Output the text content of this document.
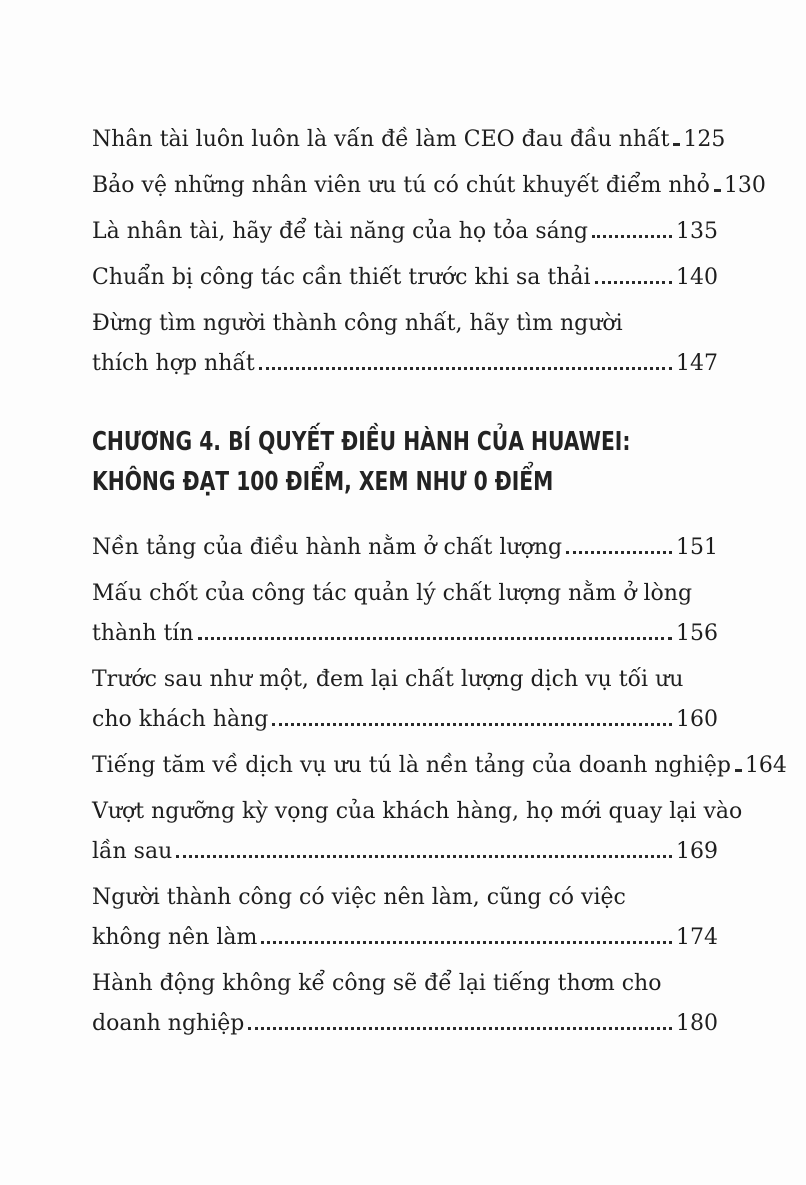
Nhân tài luôn luôn là vấn đề làm CEO đau đầu nhất 125
Bảo vệ những nhân viên ưu tú có chút khuyết điểm nhỏ 130
Là nhân tài, hãy để tài năng của họ tỏa sáng	135
Chuẩn bị công tác cần thiết trước khi sa thải	140
Đừng tìm người thành công nhất, hãy tìm người
thích hợp nhất	147
CHƯƠNG 4. BÍ QUYẾT ĐIỀU HÀNH CỦA HUAWEI:
KHÔNG ĐẠT 100 ĐIỂM, XEM NHƯ 0 ĐIỂM
Nền tảng của điều hành nằm ở chất lượng	151
Mấu chốt của công tác quản lý chất lượng nằm ở lòng
thành tín	156
Trước sau như một, đem lại chất lượng dịch vụ tối ưu
cho khách hàng	160
Tiếng tăm về dịch vụ ưu tú là nền tảng của doanh nghiệp 164
Vượt ngưỡng kỳ vọng của khách hàng, họ mới quay lại vào
lần sau	169
Người thành công có việc nên làm, cũng có việc
không nên làm	174
Hành động không kể công sẽ để lại tiếng thơm cho
doanh nghiệp	180
